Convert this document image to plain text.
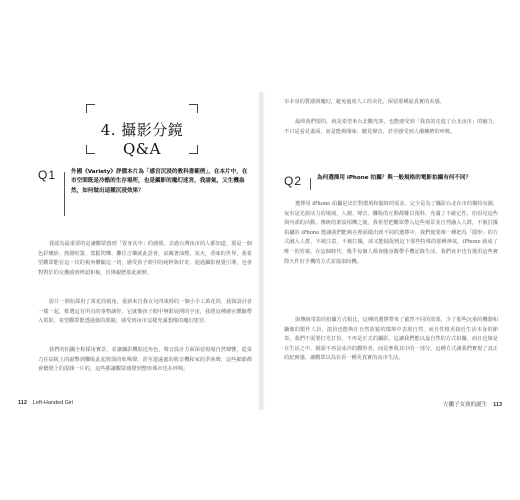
4. 攝影分鏡Q&A
Q1	外國《Variety》評價本片為「感官沉浸的教科書範例」，在本片中，在市空間既是冷酷的生存場所，也是攝影的魔幻迷宮，我請氣，又生機盎然，如何做出這種沉浸效果？
我認為最重要的是讓觀眾感到「置身其中」的感覺。去過台灣夜市的人都知道，那是一個色彩繽紛、熱鬧喧囂、寬鬆閃爍，攤位吉樂就此意會，袞藏著油煙，炭火，香味的世界，我希望觀眾能在這一次的視角體驗這一切，感受孩子眼中的純粹與好奇，通過攝影視覺引導，也會對對於的交疊感到辨認和複，仿佛親歷那此新鮮。
影片一開始採用了萬花筒視角，重新來自我女兒四歲時的一個小手工萬花筒，我與設計者一樣一起，框選這有所有的事物讓你，它就像孩子眼中無限展開的宇宙，我將這種感官體驗帶入電影，希望觀眾能透過她的眼睛，感受到夜市這樣充滿想像的魔幻迷宮。
我們的拍攝全程採用實景，並讓攝影機貼近角色，聲音設計方面保留現場自然聲響，從菜刀在砧板上的敲擊到攤販此起彼落的吆喝聲，甚至連遠處的收音機和家的爭執聲，這些細節都會聽覺上的混雜一片的，這些都讓觀眾感覺到整座城市也在呼吸。
112 Left-Handed Girl
市本身的質感與魔幻，避免過度人工的美化，保留那種最真實的美感。
最終我們要的，就是希望來台北觀光客，也能感受到「我真的走進了台北夜市」的魅力，不只是看見畫面，而是能夠聞味、聽見聲音，甚至感受到人潮擁擠的呼吸。
Q2	為何選擇用 iPhone 拍攝？與一般規格的電影拍攝有何不同？
選擇用 iPhone 拍攝是出於對環境和隨時的需求。完全是為了攝影台北在市的獨特氛圍，夜市是光源活力的場域，人潮、聲音、攤販的互動都難以預料，充滿了不確定性，但看見這些與內部的活動，傳統的架設相機之後，我希望把觀眾帶入這些場景並自然融入人群，不被打擾拍攝的 iPhone 能讓我們能夠在裡面做出到不同的選擇中，我們便要像一種把為「隱形」的方式融入人群，不被注意，不被打擾，卻又能捕捉到這下那些特殊的那種神氣，iPhone 就成了唯一的答案，在這個時代，幾乎每個人都會隨身攜帶手機記錄生活，我們夜市也有選用這些實際大件好手機的方式並提取時機。
與傳統電影的拍攝方式相比，這種的選擇帶來了截然不同的效果，少了那些沉重的機器和攝像的製作人員，演員也能夠在自然放鬆的環境中表現自然，而且性格更接近生活本身的節奏。我們不需要打光打扮，不再是正式的攝影，這讓我們能以最自然的方式拍攝，而且也像是在生活之中，鏡頭不再是冰冷的觀察者，而是參與其中的一部分。這種方式讓我們實現了真正的紀實感，讓觀眾以為在看一種更真實的夜市生活。
左撇子女孩的誕生 113
